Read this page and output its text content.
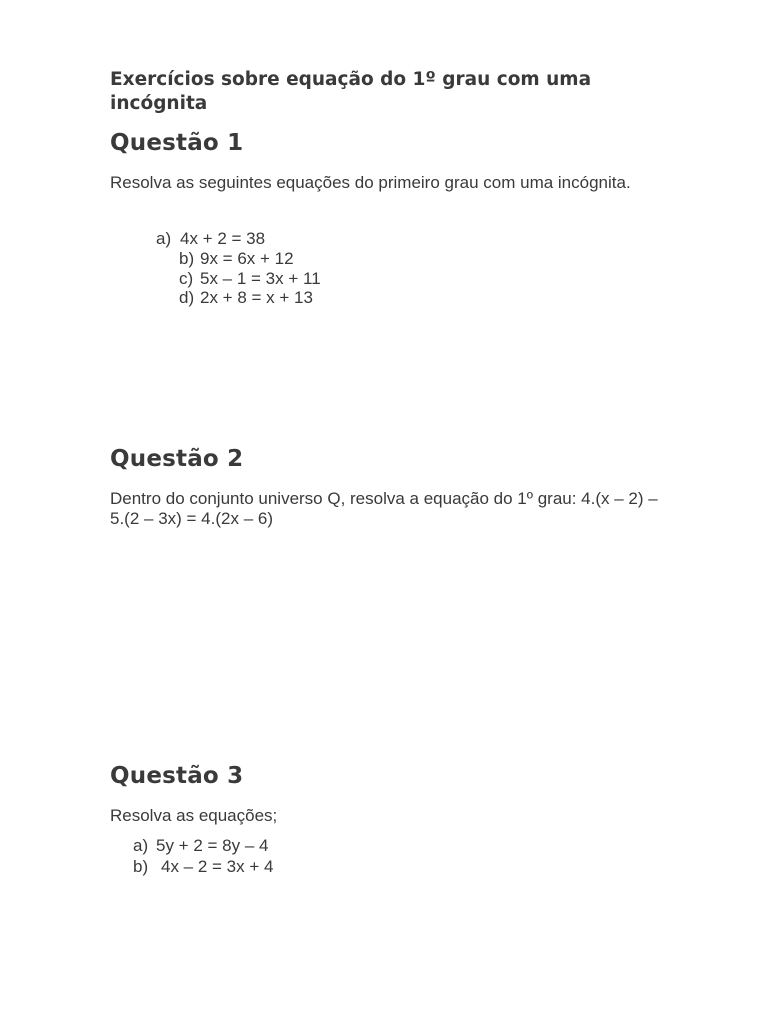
Exercícios sobre equação do 1º grau com uma incógnita
Questão 1

Resolva as seguintes equações do primeiro grau com uma incógnita.

a) 4x + 2 = 38
b) 9x = 6x + 12
c) 5x – 1 = 3x + 11
d) 2x + 8 = x + 13
Questão 2

Dentro do conjunto universo Q, resolva a equação do 1º grau: 4.(x – 2) – 5.(2 – 3x) = 4.(2x – 6)

Questão 3

Resolva as equações;

a) 5y + 2 = 8y – 4
b) 4x – 2 = 3x + 4
